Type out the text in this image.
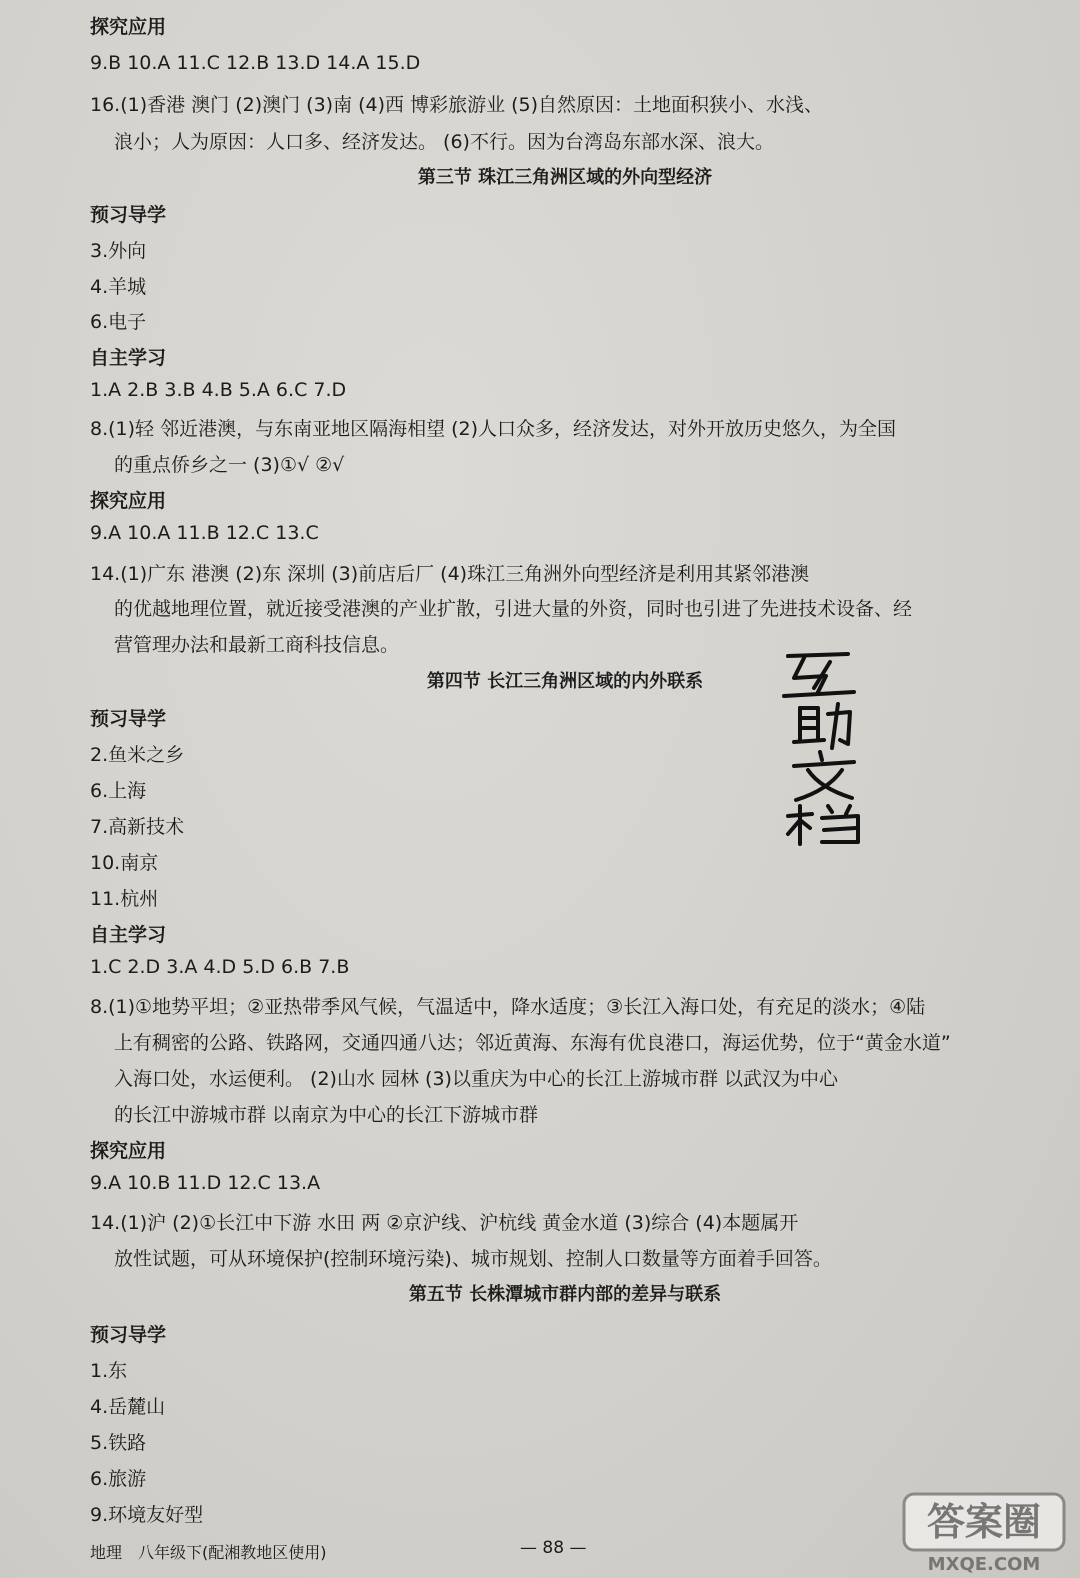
探究应用
9.B 10.A 11.C 12.B 13.D 14.A 15.D
16.(1)香港 澳门 (2)澳门 (3)南 (4)西 博彩旅游业 (5)自然原因：土地面积狭小、水浅、
浪小；人为原因：人口多、经济发达。 (6)不行。因为台湾岛东部水深、浪大。
第三节 珠江三角洲区域的外向型经济
预习导学
3.外向
4.羊城
6.电子
自主学习
1.A 2.B 3.B 4.B 5.A 6.C 7.D
8.(1)轻 邻近港澳，与东南亚地区隔海相望 (2)人口众多，经济发达，对外开放历史悠久，为全国
的重点侨乡之一 (3)①√ ②√
探究应用
9.A 10.A 11.B 12.C 13.C
14.(1)广东 港澳 (2)东 深圳 (3)前店后厂 (4)珠江三角洲外向型经济是利用其紧邻港澳
的优越地理位置，就近接受港澳的产业扩散，引进大量的外资，同时也引进了先进技术设备、经
营管理办法和最新工商科技信息。
第四节 长江三角洲区域的内外联系
预习导学
2.鱼米之乡
6.上海
7.高新技术
10.南京
11.杭州
自主学习
1.C 2.D 3.A 4.D 5.D 6.B 7.B
8.(1)①地势平坦；②亚热带季风气候，气温适中，降水适度；③长江入海口处，有充足的淡水；④陆
上有稠密的公路、铁路网，交通四通八达；邻近黄海、东海有优良港口，海运优势，位于“黄金水道”
入海口处，水运便利。 (2)山水 园林 (3)以重庆为中心的长江上游城市群 以武汉为中心
的长江中游城市群 以南京为中心的长江下游城市群
探究应用
9.A 10.B 11.D 12.C 13.A
14.(1)沪 (2)①长江中下游 水田 两 ②京沪线、沪杭线 黄金水道 (3)综合 (4)本题属开
放性试题，可从环境保护(控制环境污染)、城市规划、控制人口数量等方面着手回答。
第五节 长株潭城市群内部的差异与联系
预习导学
1.东
4.岳麓山
5.铁路
6.旅游
9.环境友好型
地理 八年级下(配湘教地区使用)	— 88 —
答案圈
MXQE.COM
